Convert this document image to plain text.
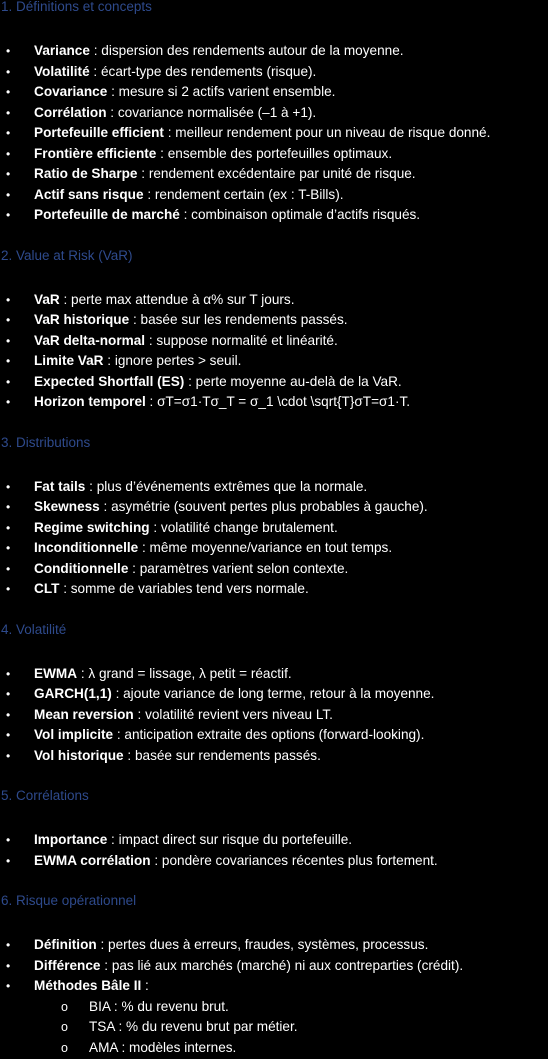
1. Définitions et concepts
•	Variance : dispersion des rendements autour de la moyenne.
•	Volatilité : écart-type des rendements (risque).
•	Covariance : mesure si 2 actifs varient ensemble.
•	Corrélation : covariance normalisée (–1 à +1).
•	Portefeuille efficient : meilleur rendement pour un niveau de risque donné.
•	Frontière efficiente : ensemble des portefeuilles optimaux.
•	Ratio de Sharpe : rendement excédentaire par unité de risque.
•	Actif sans risque : rendement certain (ex : T-Bills).
•	Portefeuille de marché : combinaison optimale d’actifs risqués.
2. Value at Risk (VaR)
•	VaR : perte max attendue à α% sur T jours.
•	VaR historique : basée sur les rendements passés.
•	VaR delta-normal : suppose normalité et linéarité.
•	Limite VaR : ignore pertes > seuil.
•	Expected Shortfall (ES) : perte moyenne au-delà de la VaR.
•	Horizon temporel : σT=σ1·Tσ_T = σ_1 \cdot \sqrt{T}σT=σ1·T.
3. Distributions
•	Fat tails : plus d’événements extrêmes que la normale.
•	Skewness : asymétrie (souvent pertes plus probables à gauche).
•	Regime switching : volatilité change brutalement.
•	Inconditionnelle : même moyenne/variance en tout temps.
•	Conditionnelle : paramètres varient selon contexte.
•	CLT : somme de variables tend vers normale.
4. Volatilité
•	EWMA : λ grand = lissage, λ petit = réactif.
•	GARCH(1,1) : ajoute variance de long terme, retour à la moyenne.
•	Mean reversion : volatilité revient vers niveau LT.
•	Vol implicite : anticipation extraite des options (forward-looking).
•	Vol historique : basée sur rendements passés.
5. Corrélations
•	Importance : impact direct sur risque du portefeuille.
•	EWMA corrélation : pondère covariances récentes plus fortement.
6. Risque opérationnel
•	Définition : pertes dues à erreurs, fraudes, systèmes, processus.
•	Différence : pas lié aux marchés (marché) ni aux contreparties (crédit).
•	Méthodes Bâle II :
o BIA : % du revenu brut.
o TSA : % du revenu brut par métier.
o AMA : modèles internes.
